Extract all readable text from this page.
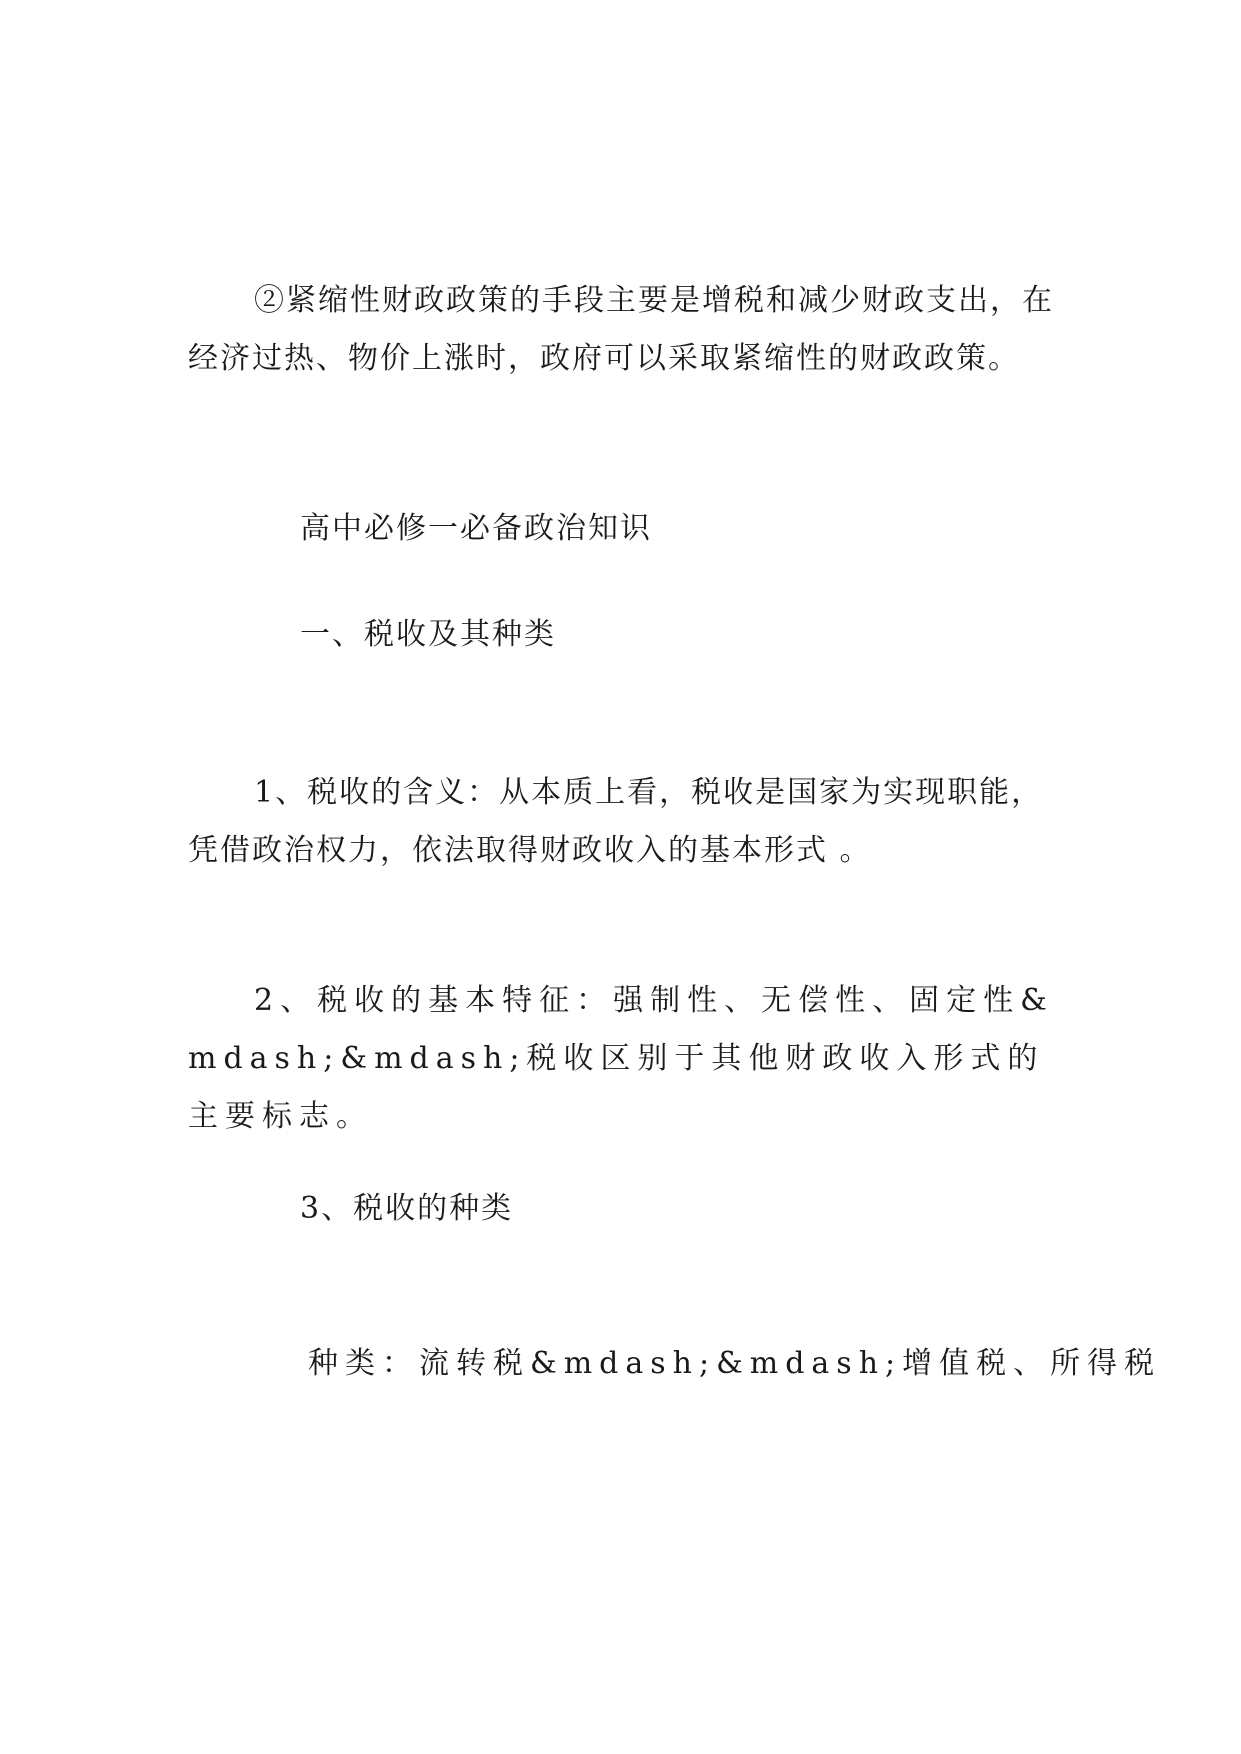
②紧缩性财政政策的手段主要是增税和减少财政支出，在经济过热、物价上涨时，政府可以采取紧缩性的财政政策。

高中必修一必备政治知识

一、税收及其种类

1、税收的含义：从本质上看，税收是国家为实现职能，凭借政治权力，依法取得财政收入的基本形式 。

2、税收的基本特征：强制性、无偿性、固定性&mdash;&mdash;税收区别于其他财政收入形式的主要标志。

3、税收的种类

种类：流转税&mdash;&mdash;增值税、所得税
